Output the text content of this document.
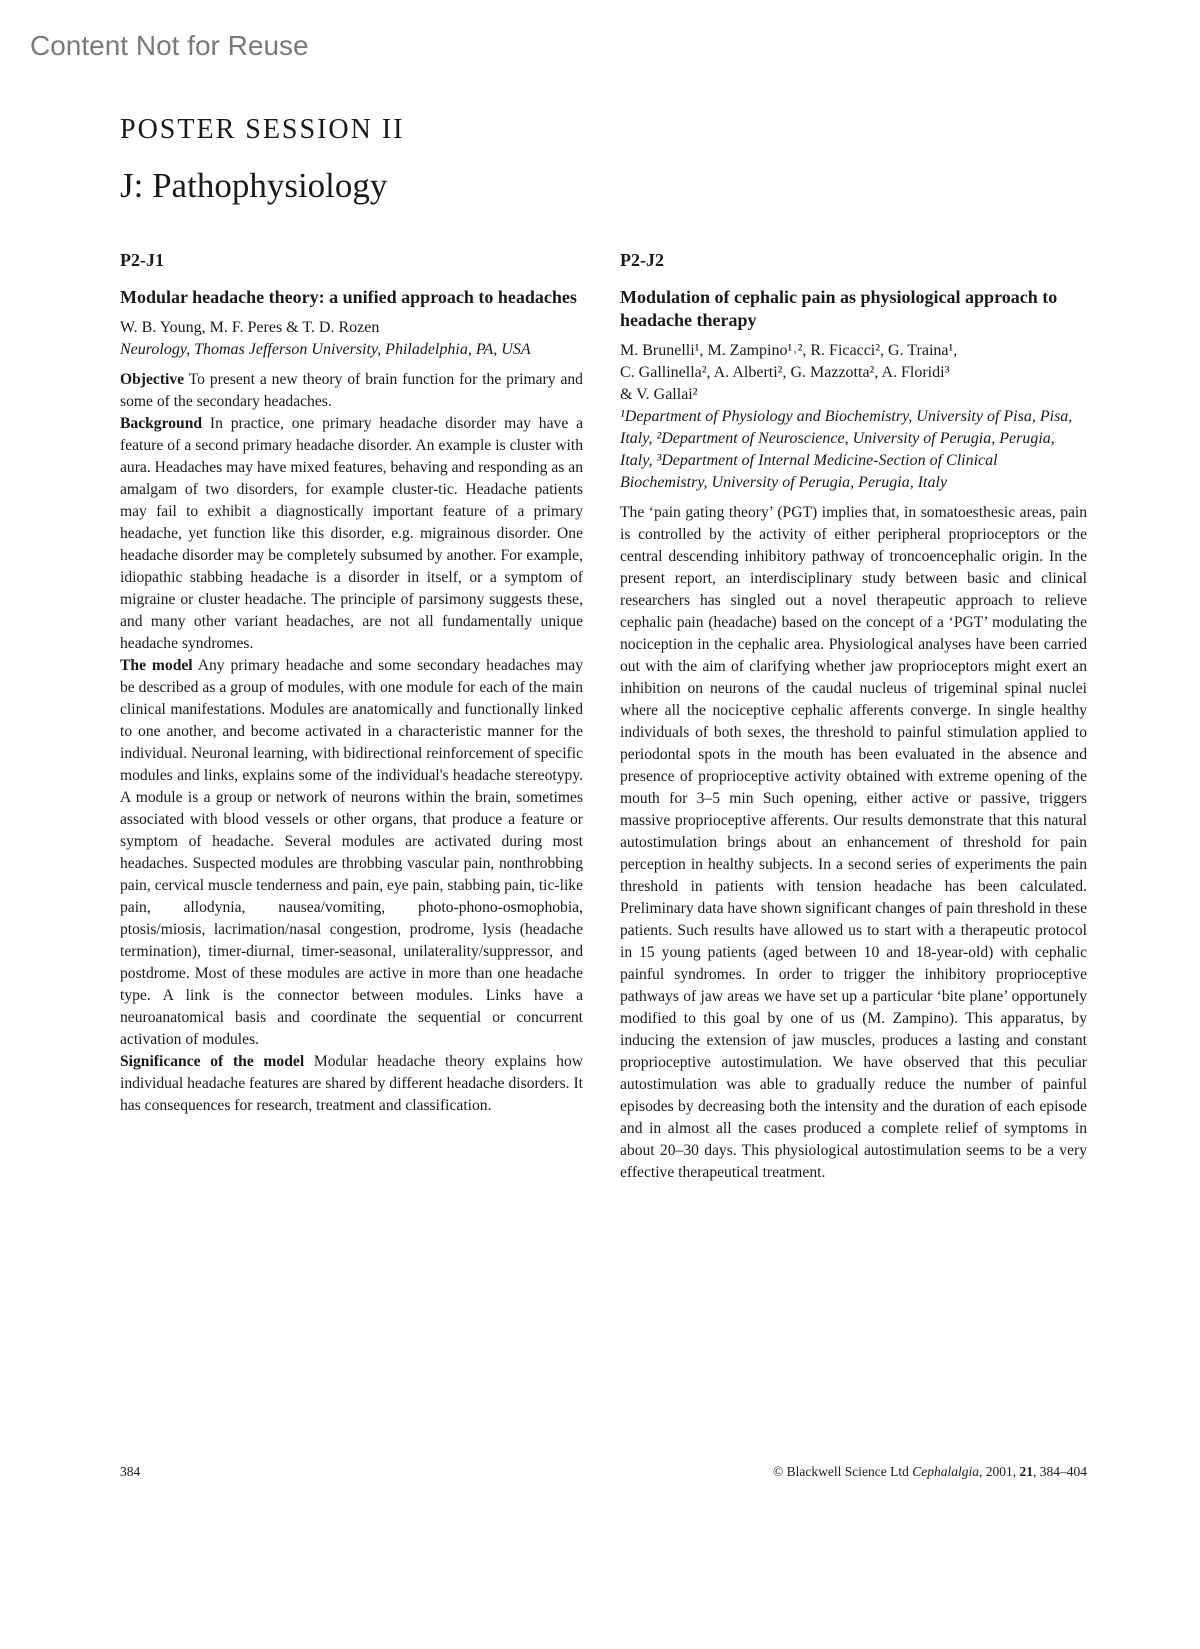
Content Not for Reuse
POSTER SESSION II
J: Pathophysiology
P2-J1
Modular headache theory: a unified approach to headaches

W. B. Young, M. F. Peres & T. D. Rozen

Neurology, Thomas Jefferson University, Philadelphia, PA, USA

Objective To present a new theory of brain function for the primary and some of the secondary headaches.

Background In practice, one primary headache disorder may have a feature of a second primary headache disorder. An example is cluster with aura. Headaches may have mixed features, behaving and responding as an amalgam of two disorders, for example cluster-tic. Headache patients may fail to exhibit a diagnostically important feature of a primary headache, yet function like this disorder, e.g. migrainous disorder. One headache disorder may be completely subsumed by another. For example, idiopathic stabbing headache is a disorder in itself, or a symptom of migraine or cluster headache. The principle of parsimony suggests these, and many other variant headaches, are not all fundamentally unique headache syndromes.

The model Any primary headache and some secondary headaches may be described as a group of modules, with one module for each of the main clinical manifestations. Modules are anatomically and functionally linked to one another, and become activated in a characteristic manner for the individual. Neuronal learning, with bidirectional reinforcement of specific modules and links, explains some of the individual's headache stereotypy. A module is a group or network of neurons within the brain, sometimes associated with blood vessels or other organs, that produce a feature or symptom of headache. Several modules are activated during most headaches. Suspected modules are throbbing vascular pain, nonthrobbing pain, cervical muscle tenderness and pain, eye pain, stabbing pain, tic-like pain, allodynia, nausea/vomiting, photo-phono-osmophobia, ptosis/miosis, lacrimation/nasal congestion, prodrome, lysis (headache termination), timer-diurnal, timer-seasonal, unilaterality/suppressor, and postdrome. Most of these modules are active in more than one headache type. A link is the connector between modules. Links have a neuroanatomical basis and coordinate the sequential or concurrent activation of modules.

Significance of the model Modular headache theory explains how individual headache features are shared by different headache disorders. It has consequences for research, treatment and classification.

P2-J2
Modulation of cephalic pain as physiological approach to headache therapy

M. Brunelli¹, M. Zampino¹˒², R. Ficacci², G. Traina¹,

C. Gallinella², A. Alberti², G. Mazzotta², A. Floridi³

& V. Gallai²

¹Department of Physiology and Biochemistry, University of Pisa, Pisa, Italy, ²Department of Neuroscience, University of Perugia, Perugia, Italy, ³Department of Internal Medicine-Section of Clinical Biochemistry, University of Perugia, Perugia, Italy

The ‘pain gating theory’ (PGT) implies that, in somatoesthesic areas, pain is controlled by the activity of either peripheral proprioceptors or the central descending inhibitory pathway of troncoencephalic origin. In the present report, an interdisciplinary study between basic and clinical researchers has singled out a novel therapeutic approach to relieve cephalic pain (headache) based on the concept of a ‘PGT’ modulating the nociception in the cephalic area. Physiological analyses have been carried out with the aim of clarifying whether jaw proprioceptors might exert an inhibition on neurons of the caudal nucleus of trigeminal spinal nuclei where all the nociceptive cephalic afferents converge. In single healthy individuals of both sexes, the threshold to painful stimulation applied to periodontal spots in the mouth has been evaluated in the absence and presence of proprioceptive activity obtained with extreme opening of the mouth for 3–5 min Such opening, either active or passive, triggers massive proprioceptive afferents. Our results demonstrate that this natural autostimulation brings about an enhancement of threshold for pain perception in healthy subjects. In a second series of experiments the pain threshold in patients with tension headache has been calculated. Preliminary data have shown significant changes of pain threshold in these patients. Such results have allowed us to start with a therapeutic protocol in 15 young patients (aged between 10 and 18-year-old) with cephalic painful syndromes. In order to trigger the inhibitory proprioceptive pathways of jaw areas we have set up a particular ‘bite plane’ opportunely modified to this goal by one of us (M. Zampino). This apparatus, by inducing the extension of jaw muscles, produces a lasting and constant proprioceptive autostimulation. We have observed that this peculiar autostimulation was able to gradually reduce the number of painful episodes by decreasing both the intensity and the duration of each episode and in almost all the cases produced a complete relief of symptoms in about 20–30 days. This physiological autostimulation seems to be a very effective therapeutical treatment.

384	© Blackwell Science Ltd Cephalalgia, 2001, 21, 384–404
